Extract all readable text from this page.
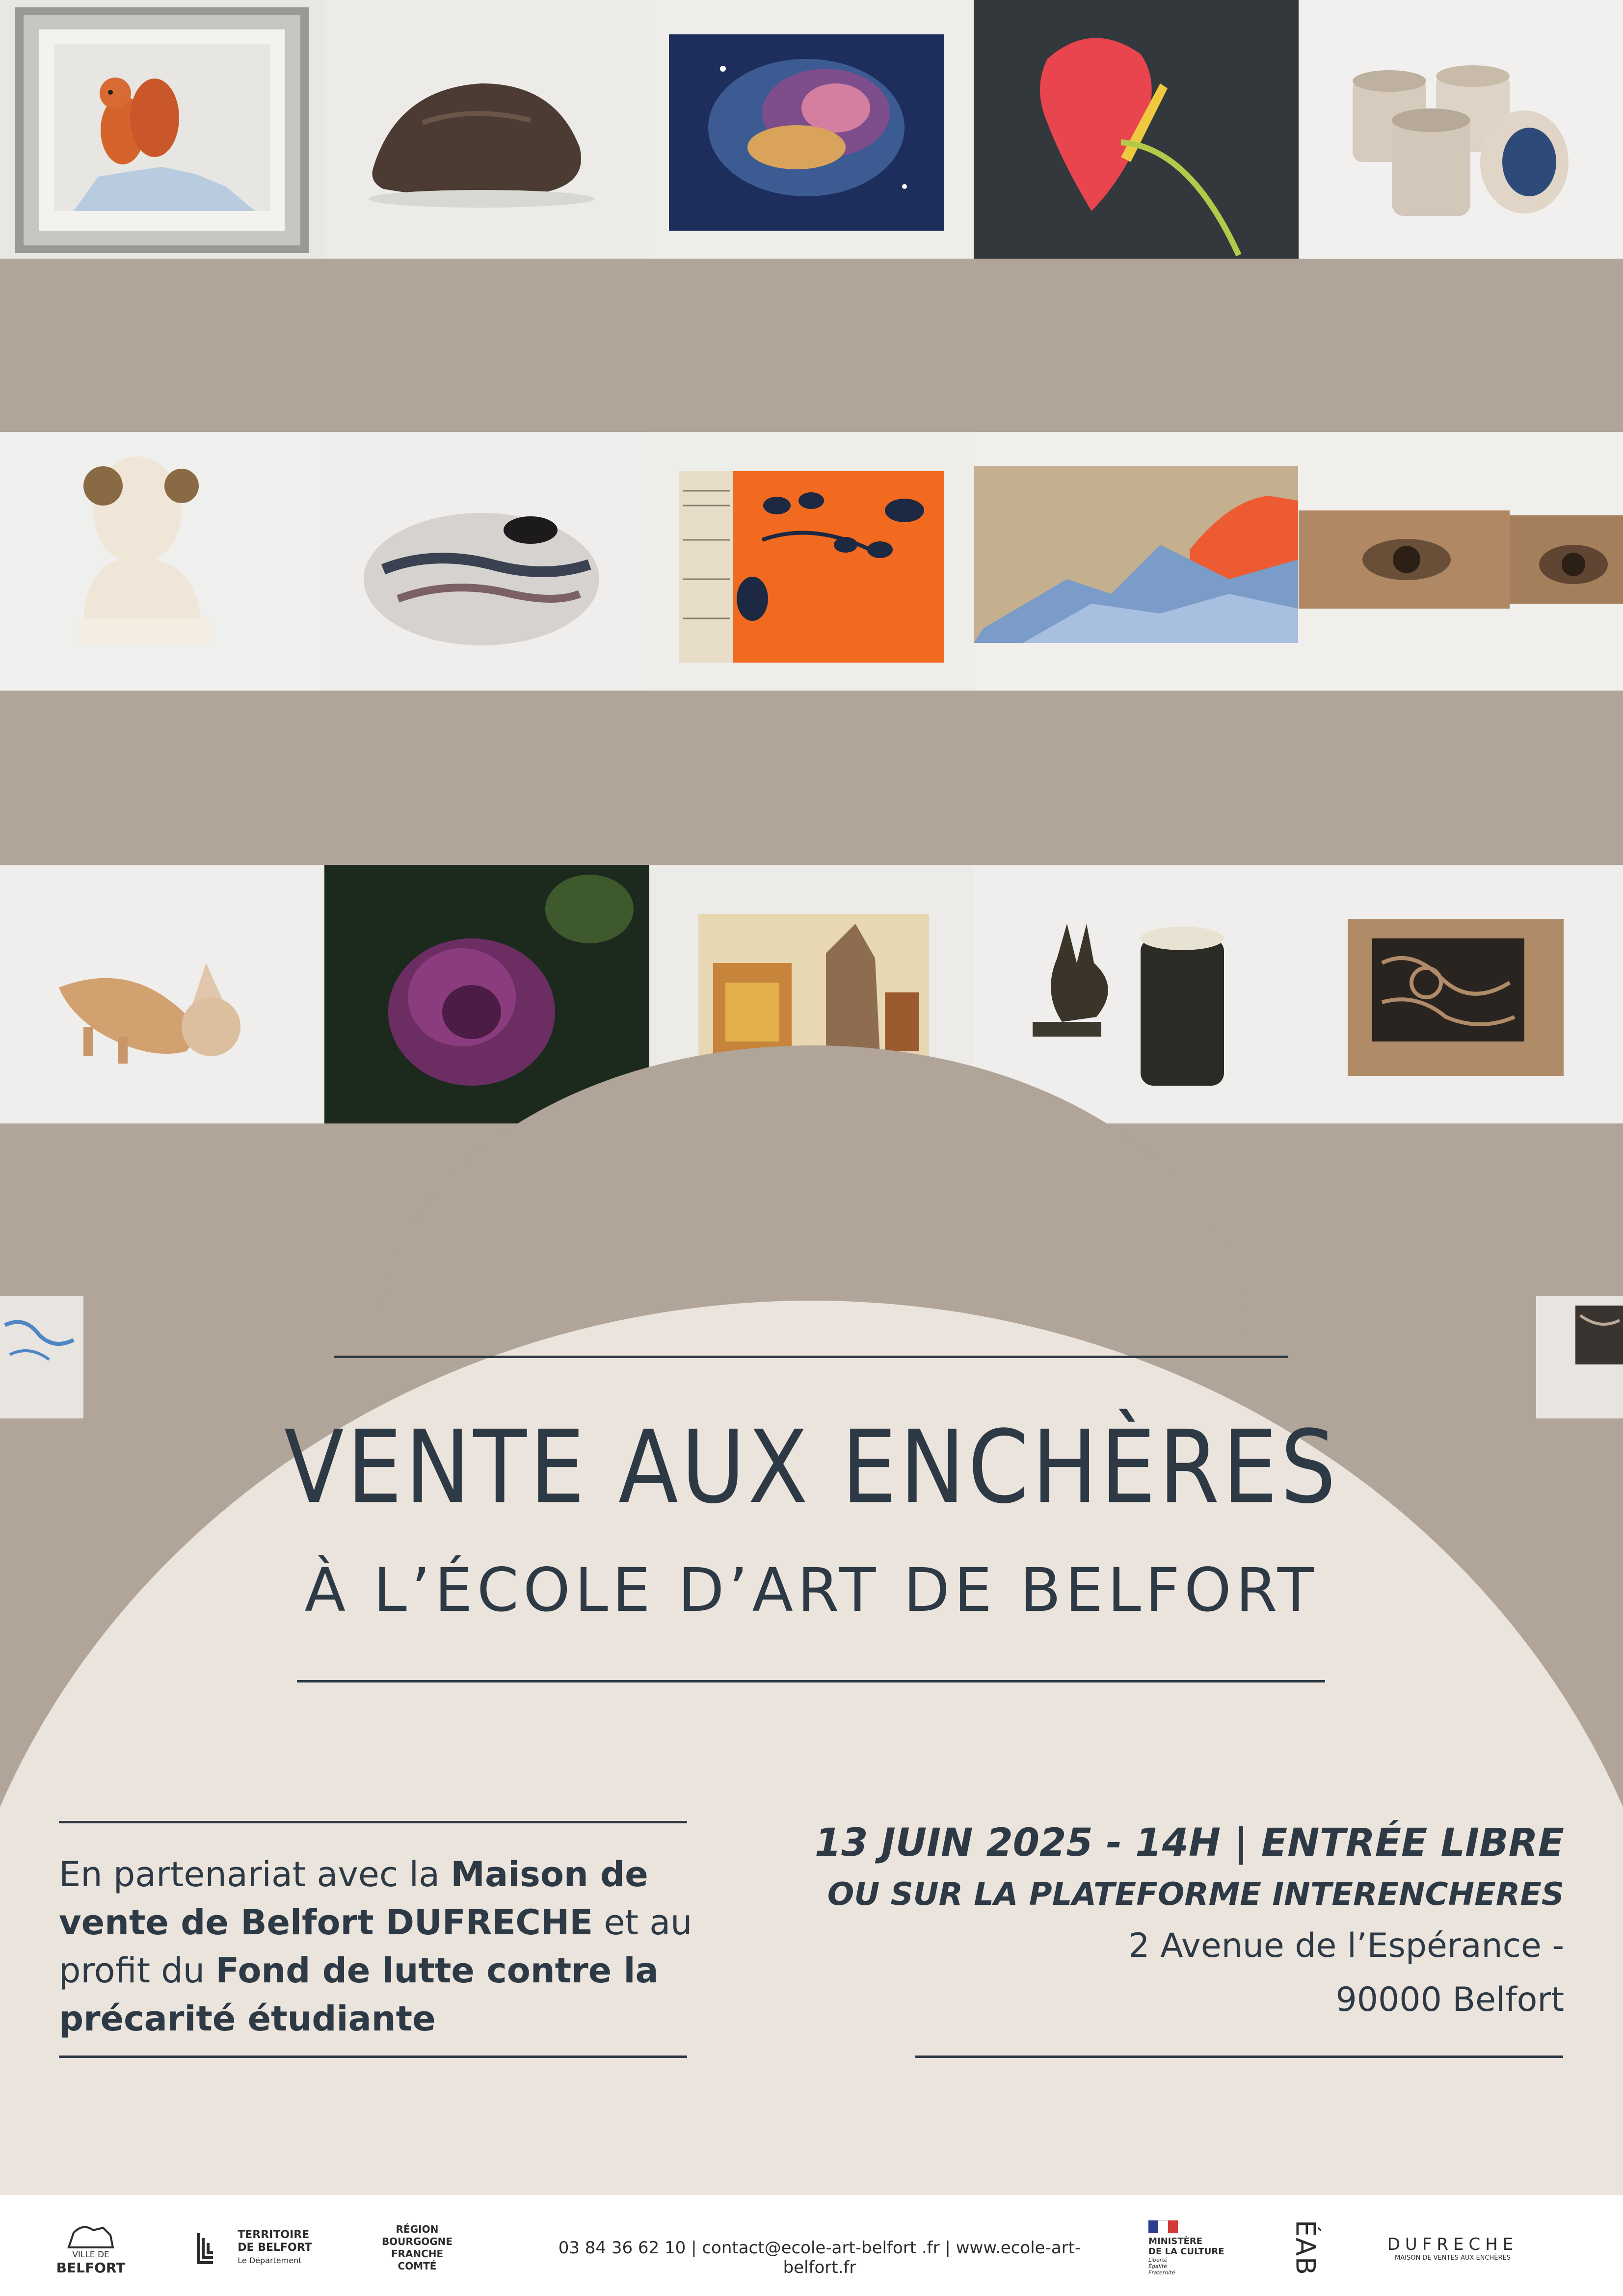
VENTE AUX ENCHÈRES
À L’ÉCOLE D’ART DE BELFORT
En partenariat avec la Maison de vente de Belfort DUFRECHE et au profit du Fond de lutte contre la précarité étudiante
13 JUIN 2025 - 14H | ENTRÉE LIBRE
OU SUR LA PLATEFORME INTERENCHERES
2 Avenue de l’Espérance -
90000 Belfort
VILLE DE
BELFORT
TERRITOIRE
DE BELFORT
Le Département
RÉGION
BOURGOGNE
FRANCHE
COMTÉ
03 84 36 62 10 | contact@ecole-art-belfort .fr | www.ecole-art-belfort.fr
MINISTÈRE
DE LA CULTURE
Liberté
Égalité
Fraternité	ÉAB	DUFRECHE
MAISON DE VENTES AUX ENCHÈRES
